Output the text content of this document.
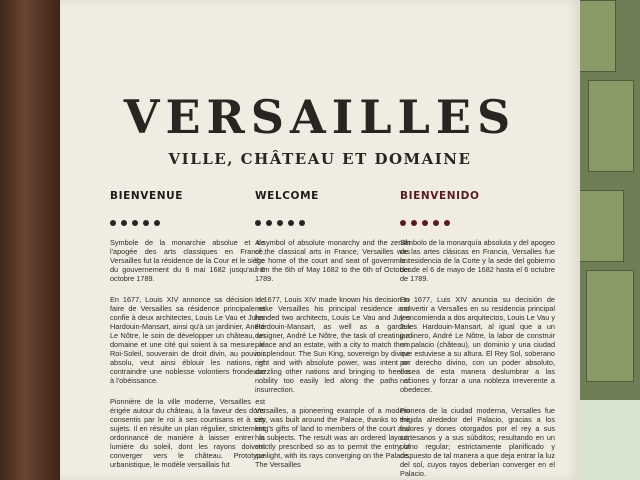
VERSAILLES
VILLE, CHÂTEAU ET DOMAINE
BIENVENUE
Symbole de la monarchie absolue et de l'apogée des arts classiques en France, Versailles fut la résidence de la Cour et le siège du gouvernement du 6 mai 1682 jusqu'au 6 octobre 1789.
En 1677, Louis XIV annonce sa décision de faire de Versailles sa résidence principale et confie à deux architectes, Louis Le Vau et Jules Hardouin-Mansart, ainsi qu'à un jardinier, André Le Nôtre, le soin de développer un château, un domaine et une cité qui soient à sa mesure. le Roi-Soleil, souverain de droit divin, au pouvoir absolu, veut ainsi éblouir les nations, et contraindre une noblesse volontiers frondeuse à l'obéissance.
Pionnière de la ville moderne, Versailles est érigée autour du château, à la faveur des dons consentis par le roi à ses courtisans et à ses sujets. Il en résulte un plan régulier, strictement ordonnancé de manière à laisser entrer la lumière du soleil, dont les rayons doivent converger vers le château. Prototype urbanistique, le modèle versaillais fut
WELCOME
A symbol of absolute monarchy and the zenith of the classical arts in France, Versailles was the home of the court and seat of government from the 6th of May 1682 to the 6th of October 1789.
In 1677, Louis XIV made known his decision to make Versailles his principal residence and handed two architects, Louis Le Vau and Jules Hardouin-Mansart, as well as a garden designer, André Le Nôtre, the task of creating a palace and an estate, with a city to match them in splendour. The Sun King, sovereign by divine right and with absolute power, was intent on dazzling other nations and bringing to heel a nobility too easily led along the paths of insurrection.
Versailles, a pioneering example of a modern city, was built around the Palace, thanks to the king's gifts of land to members of the court and his subjects. The result was an ordered layout, strictly prescribed so as to permit the entry of sunlight, with its rays converging on the Palace. The Versailles
BIENVENIDO
Símbolo de la monarquía absoluta y del apogeo de las artes clásicas en Francia, Versalles fue la residencia de la Corte y la sede del gobierno desde el 6 de mayo de 1682 hasta el 6 octubre de 1789.
En 1677, Luis XIV anuncia su decisión de convertir a Versalles en su residencia principal y encomienda a dos arquitectos, Louis Le Vau y Jules Hardouin-Mansart, al igual que a un jardinero, André Le Nôtre, la labor de construir un palacio (château), un dominio y una ciudad que estuviese a su altura. El Rey Sol, soberano por derecho divino, con un poder absoluto, desea de esta manera deslumbrar a las naciones y forzar a una nobleza irreverente a obedecer.
Pionera de la ciudad moderna, Versalles fue erigida alrededor del Palacio, gracias a los favores y dones otorgados por el rey a sus cortesanos y a sus súbditos; resultando en un plano regular; estrictamente planificado y dispuesto de tal manera a que deja entrar la luz del sol, cuyos rayos deberían converger en el Palacio.
